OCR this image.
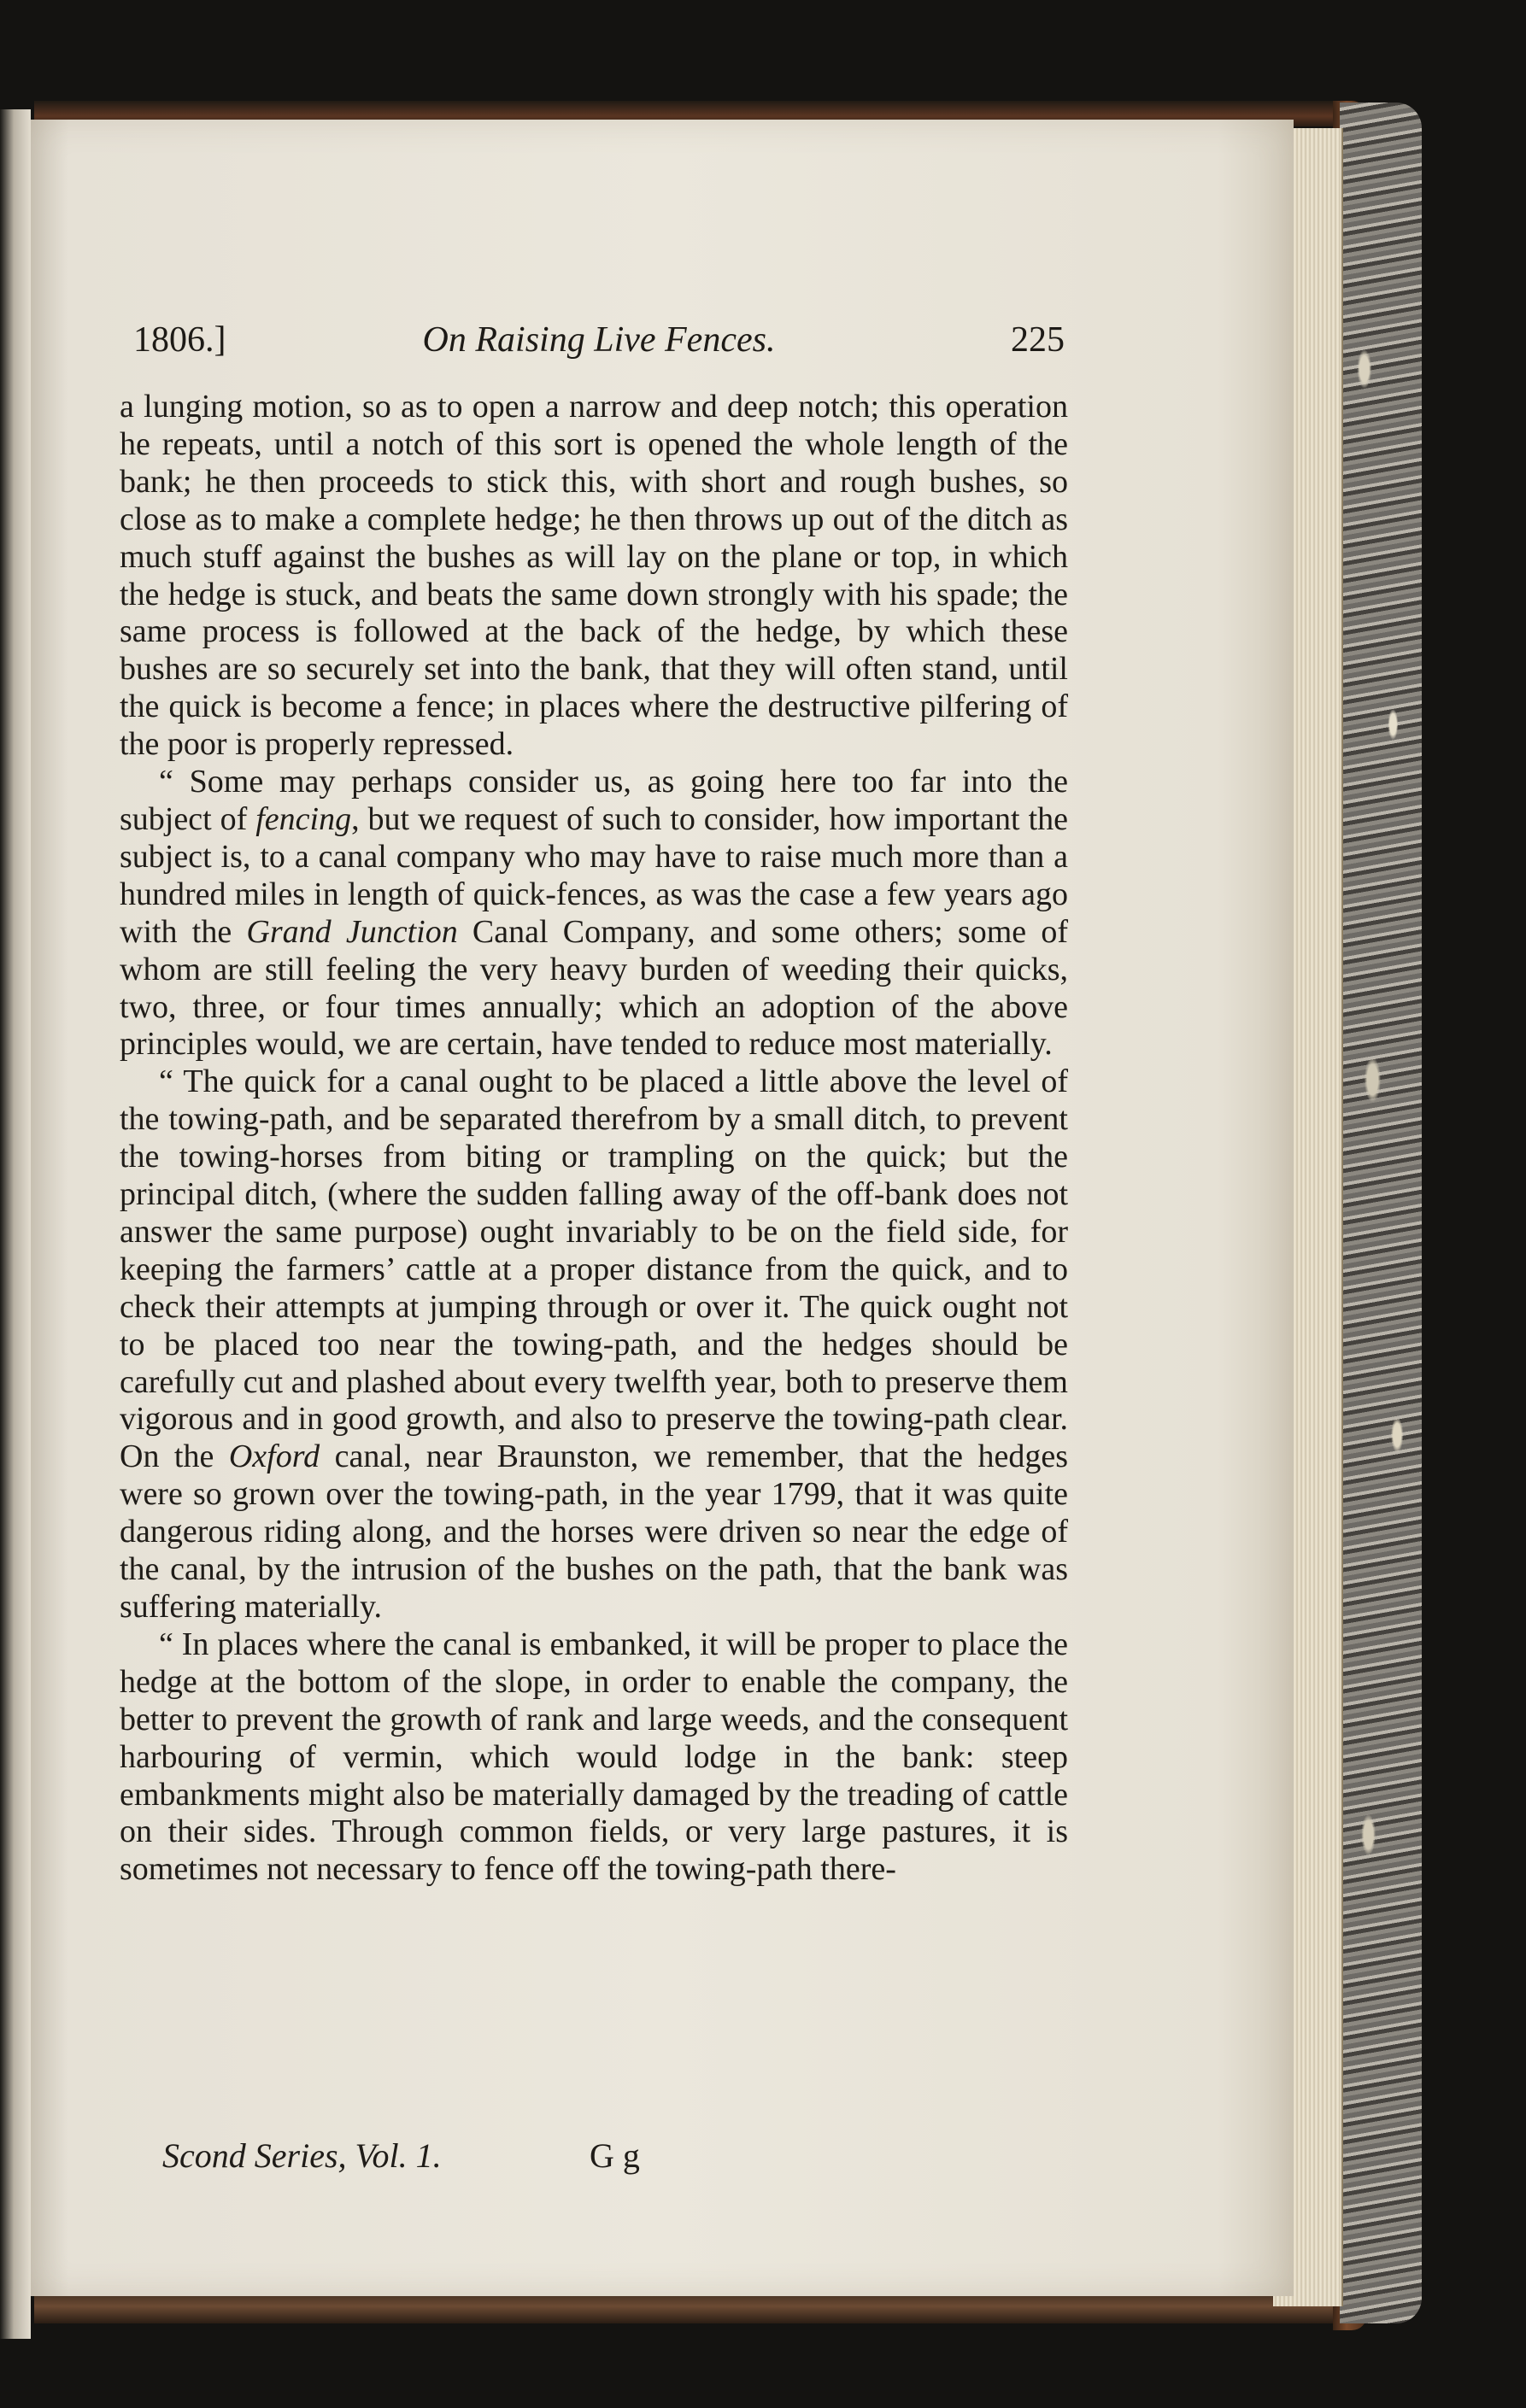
1806.]	On Raising Live Fences.	225

a lunging motion, so as to open a narrow and deep notch; this operation he repeats, until a notch of this sort is opened the whole length of the bank; he then proceeds to stick this, with short and rough bushes, so close as to make a complete hedge; he then throws up out of the ditch as much stuff against the bushes as will lay on the plane or top, in which the hedge is stuck, and beats the same down strongly with his spade; the same process is followed at the back of the hedge, by which these bushes are so securely set into the bank, that they will often stand, until the quick is become a fence; in places where the destructive pilfering of the poor is properly repressed.

“ Some may perhaps consider us, as going here too far into the subject of fencing, but we request of such to consider, how important the subject is, to a canal company who may have to raise much more than a hundred miles in length of quick-fences, as was the case a few years ago with the Grand Junction Canal Company, and some others; some of whom are still feeling the very heavy burden of weeding their quicks, two, three, or four times annually; which an adoption of the above principles would, we are certain, have tended to reduce most materially.

“ The quick for a canal ought to be placed a little above the level of the towing-path, and be separated therefrom by a small ditch, to prevent the towing-horses from biting or trampling on the quick; but the principal ditch, (where the sudden falling away of the off-bank does not answer the same purpose) ought invariably to be on the field side, for keeping the farmers’ cattle at a proper distance from the quick, and to check their attempts at jumping through or over it. The quick ought not to be placed too near the towing-path, and the hedges should be carefully cut and plashed about every twelfth year, both to preserve them vigorous and in good growth, and also to preserve the towing-path clear. On the Oxford canal, near Braunston, we remember, that the hedges were so grown over the towing-path, in the year 1799, that it was quite dangerous riding along, and the horses were driven so near the edge of the canal, by the intrusion of the bushes on the path, that the bank was suffering materially.

“ In places where the canal is embanked, it will be proper to place the hedge at the bottom of the slope, in order to enable the company, the better to prevent the growth of rank and large weeds, and the consequent harbouring of vermin, which would lodge in the bank: steep embankments might also be materially damaged by the treading of cattle on their sides. Through common fields, or very large pastures, it is sometimes not necessary to fence off the towing-path there-

Scond Series, Vol. 1.	G g
